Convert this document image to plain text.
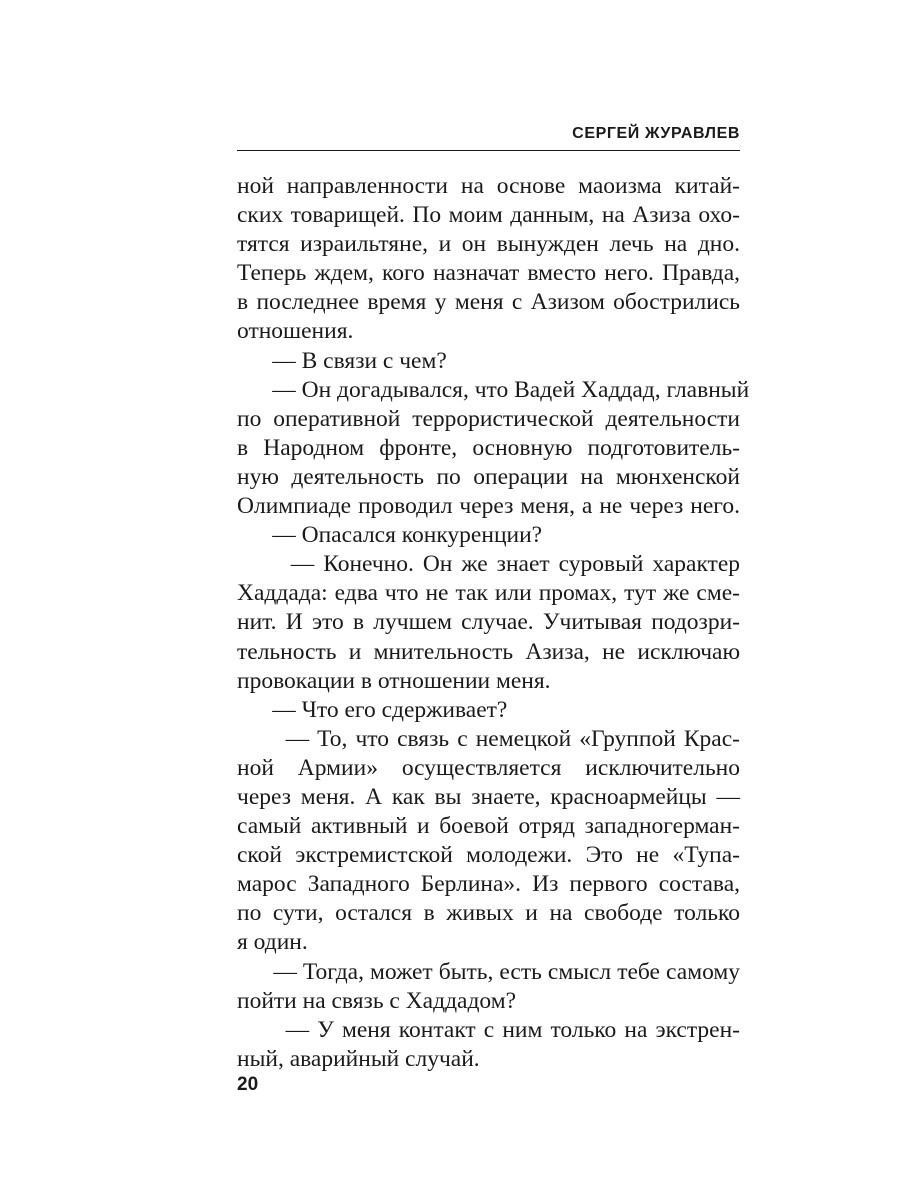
СЕРГЕЙ ЖУРАВЛЕВ
ной направленности на основе маоизма китай-
ских товарищей. По моим данным, на Азиза охо-
тятся израильтяне, и он вынужден лечь на дно.
Теперь ждем, кого назначат вместо него. Правда,
в последнее время у меня с Азизом обострились
отношения.
— В связи с чем?
— Он догадывался, что Вадей Хаддад, главный
по оперативной террористической деятельности
в Народном фронте, основную подготовитель-
ную деятельность по операции на мюнхенской
Олимпиаде проводил через меня, а не через него.
— Опасался конкуренции?
— Конечно. Он же знает суровый характер
Хаддада: едва что не так или промах, тут же сме-
нит. И это в лучшем случае. Учитывая подозри-
тельность и мнительность Азиза, не исключаю
провокации в отношении меня.
— Что его сдерживает?
— То, что связь с немецкой «Группой Крас-
ной Армии» осуществляется исключительно
через меня. А как вы знаете, красноармейцы —
самый активный и боевой отряд западногерман-
ской экстремистской молодежи. Это не «Тупа-
марос Западного Берлина». Из первого состава,
по сути, остался в живых и на свободе только
я один.
— Тогда, может быть, есть смысл тебе самому
пойти на связь с Хаддадом?
— У меня контакт с ним только на экстрен-
ный, аварийный случай.
20
